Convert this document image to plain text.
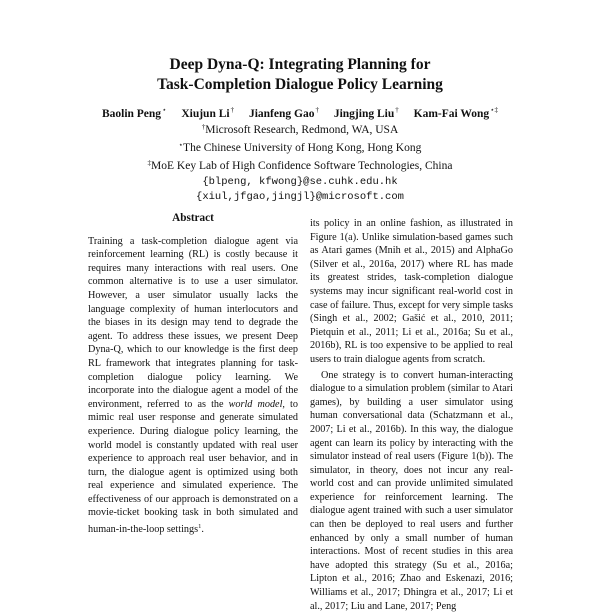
Deep Dyna-Q: Integrating Planning for
Task-Completion Dialogue Policy Learning
Baolin Peng⋆ Xiujun Li† Jianfeng Gao† Jingjing Liu† Kam-Fai Wong⋆‡
†Microsoft Research, Redmond, WA, USA
⋆The Chinese University of Hong Kong, Hong Kong
‡MoE Key Lab of High Confidence Software Technologies, China
{blpeng, kfwong}@se.cuhk.edu.hk
{xiul,jfgao,jingjl}@microsoft.com
Abstract

Training a task-completion dialogue agent via reinforcement learning (RL) is costly because it requires many interactions with real users. One common alternative is to use a user simulator. However, a user simulator usually lacks the language complexity of human interlocutors and the biases in its design may tend to degrade the agent. To address these issues, we present Deep Dyna-Q, which to our knowledge is the first deep RL framework that integrates planning for task-completion dialogue policy learning. We incorporate into the dialogue agent a model of the environment, referred to as the world model, to mimic real user response and generate simulated experience. During dialogue policy learning, the world model is constantly updated with real user experience to approach real user behavior, and in turn, the dialogue agent is optimized using both real experience and simulated experience. The effectiveness of our approach is demonstrated on a movie-ticket booking task in both simulated and human-in-the-loop settings$^1$.

its policy in an online fashion, as illustrated in Figure 1(a). Unlike simulation-based games such as Atari games (Mnih et al., 2015) and AlphaGo (Silver et al., 2016a, 2017) where RL has made its greatest strides, task-completion dialogue systems may incur significant real-world cost in case of failure. Thus, except for very simple tasks (Singh et al., 2002; Gašić et al., 2010, 2011; Pietquin et al., 2011; Li et al., 2016a; Su et al., 2016b), RL is too expensive to be applied to real users to train dialogue agents from scratch.

One strategy is to convert human-interacting dialogue to a simulation problem (similar to Atari games), by building a user simulator using human conversational data (Schatzmann et al., 2007; Li et al., 2016b). In this way, the dialogue agent can learn its policy by interacting with the simulator instead of real users (Figure 1(b)). The simulator, in theory, does not incur any real-world cost and can provide unlimited simulated experience for reinforcement learning. The dialogue agent trained with such a user simulator can then be deployed to real users and further enhanced by only a small number of human interactions. Most of recent studies in this area have adopted this strategy (Su et al., 2016a; Lipton et al., 2016; Zhao and Eskenazi, 2016; Williams et al., 2017; Dhingra et al., 2017; Li et al., 2017; Liu and Lane, 2017; Peng
